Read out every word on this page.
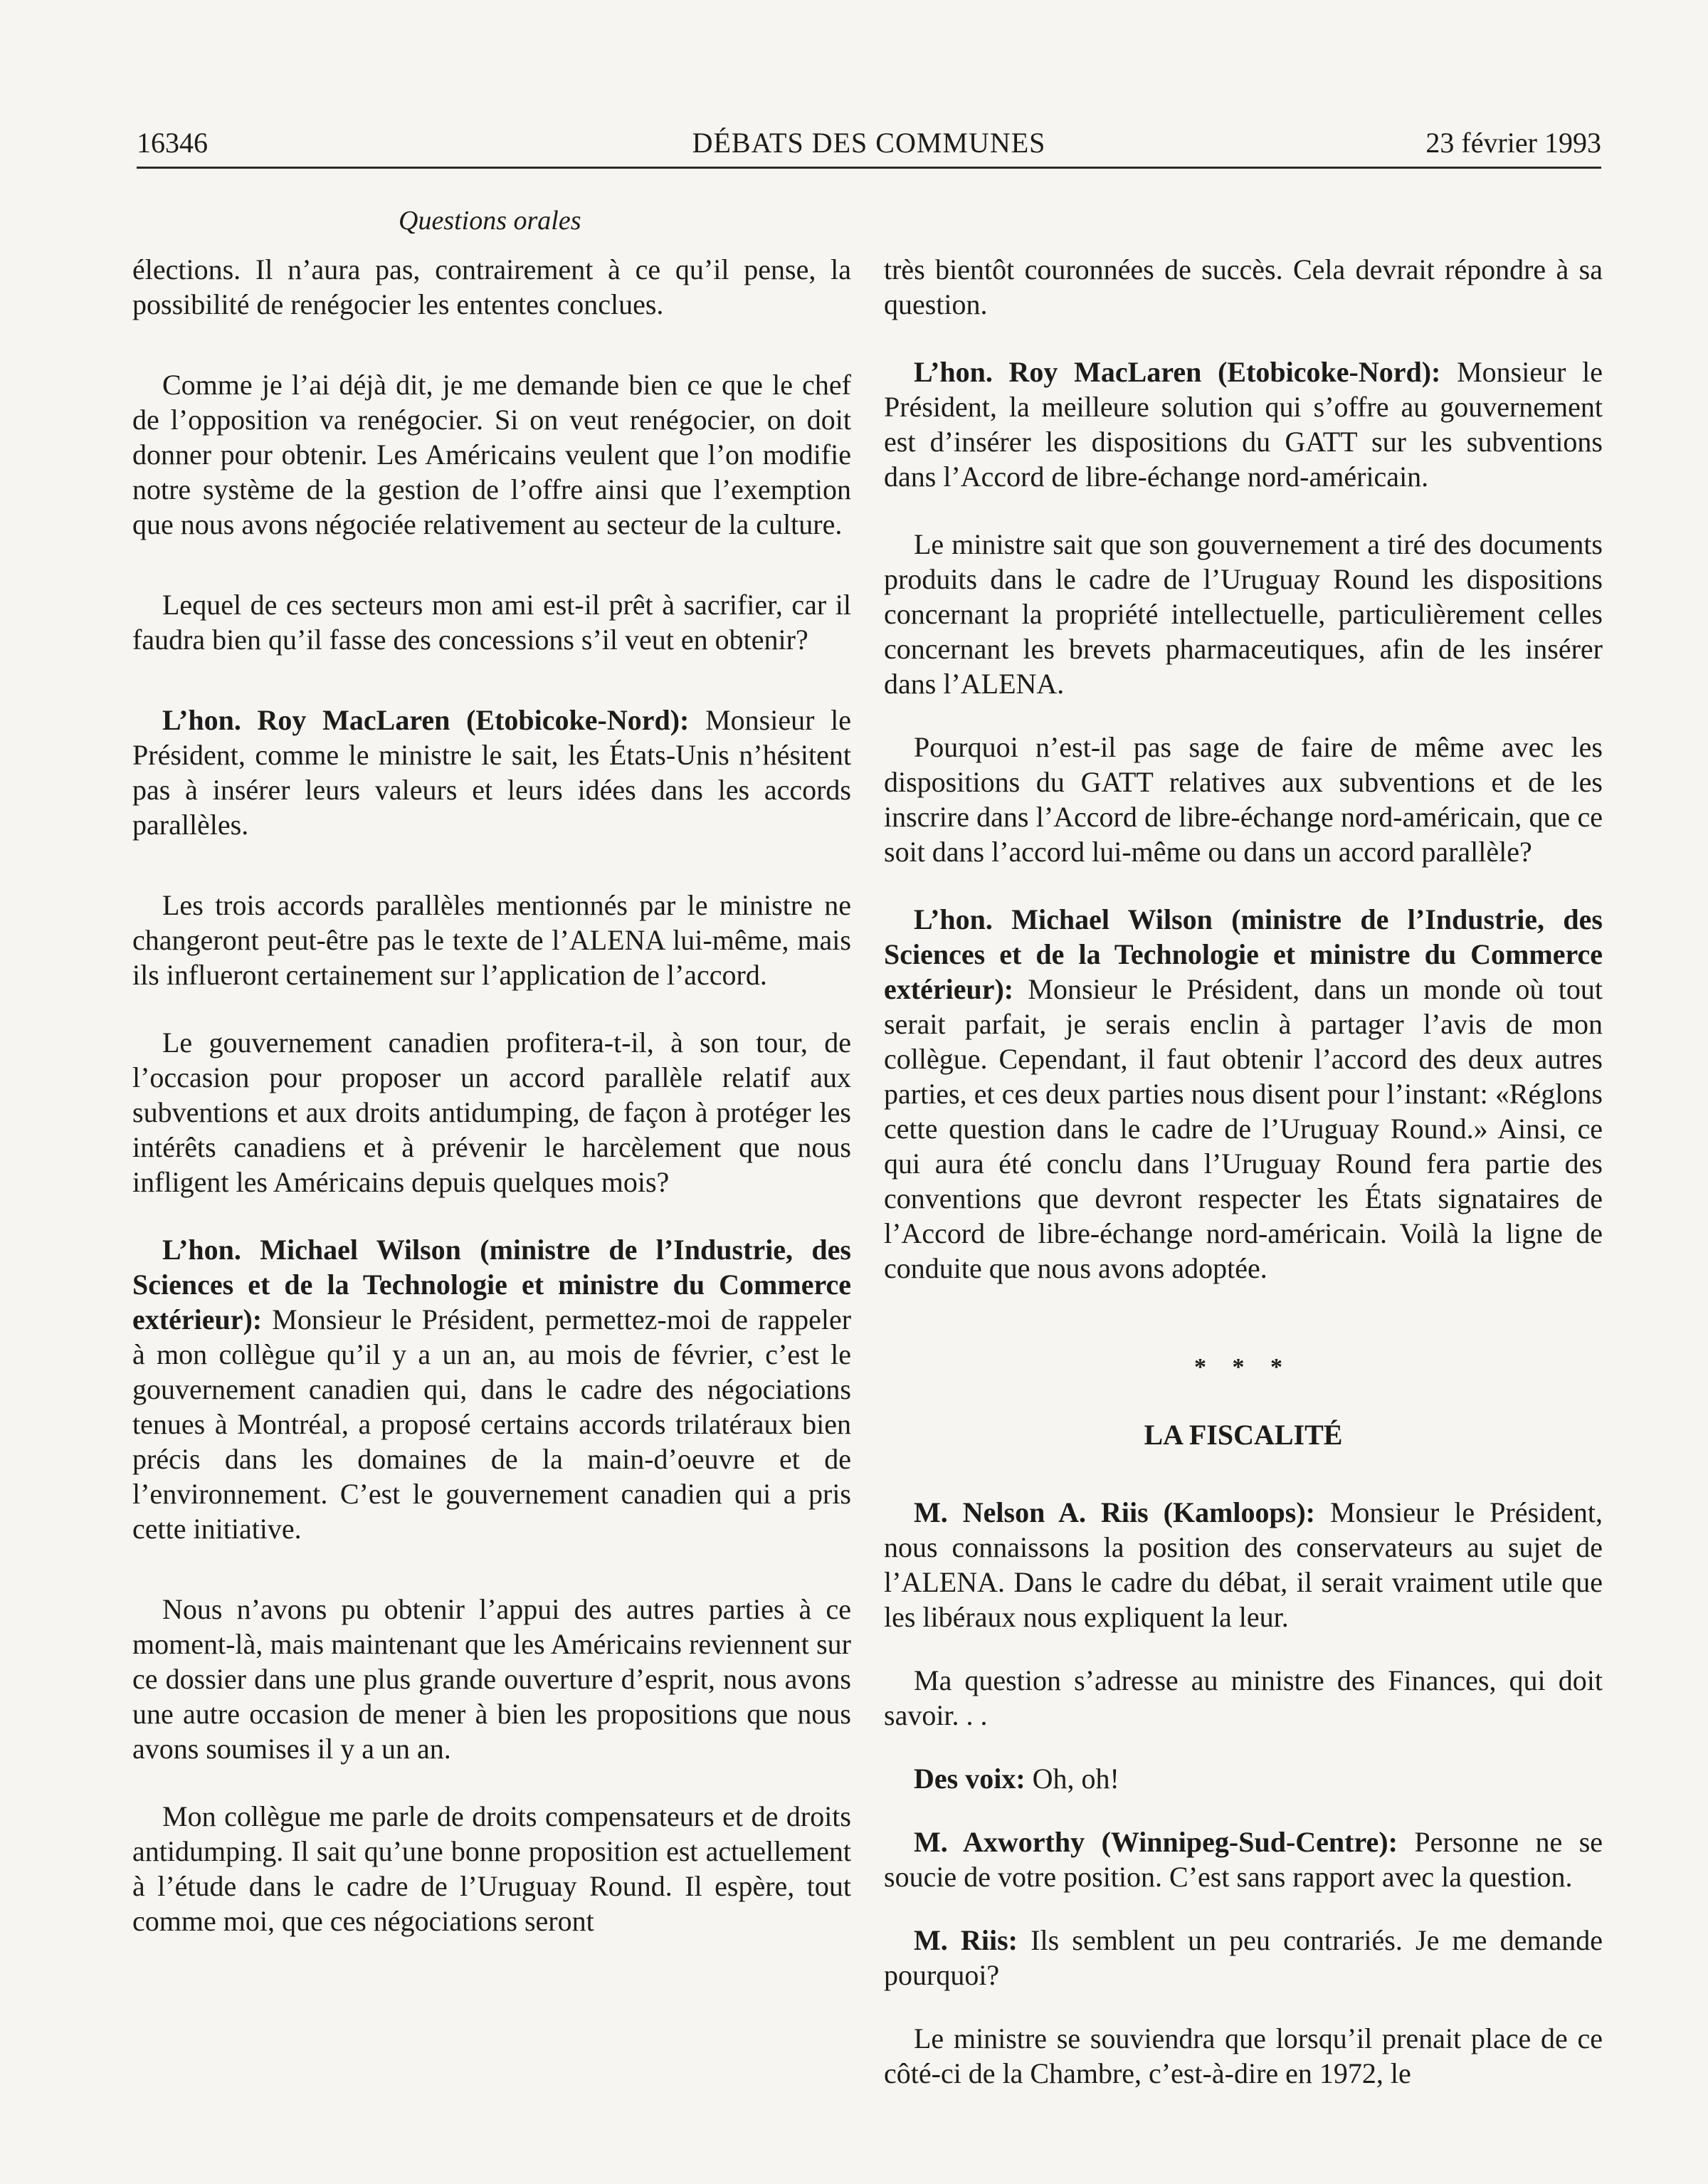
16346	DÉBATS DES COMMUNES	23 février 1993
Questions orales

élections. Il n’aura pas, contrairement à ce qu’il pense, la possibilité de renégocier les ententes conclues.

Comme je l’ai déjà dit, je me demande bien ce que le chef de l’opposition va renégocier. Si on veut renégocier, on doit donner pour obtenir. Les Américains veulent que l’on modifie notre système de la gestion de l’offre ainsi que l’exemption que nous avons négociée relativement au secteur de la culture.

Lequel de ces secteurs mon ami est-il prêt à sacrifier, car il faudra bien qu’il fasse des concessions s’il veut en obtenir?

L’hon. Roy MacLaren (Etobicoke-Nord): Monsieur le Président, comme le ministre le sait, les États-Unis n’hésitent pas à insérer leurs valeurs et leurs idées dans les accords parallèles.

Les trois accords parallèles mentionnés par le ministre ne changeront peut-être pas le texte de l’ALENA lui-même, mais ils influeront certainement sur l’application de l’accord.

Le gouvernement canadien profitera-t-il, à son tour, de l’occasion pour proposer un accord parallèle relatif aux subventions et aux droits antidumping, de façon à protéger les intérêts canadiens et à prévenir le harcèlement que nous infligent les Américains depuis quelques mois?

L’hon. Michael Wilson (ministre de l’Industrie, des Sciences et de la Technologie et ministre du Commerce extérieur): Monsieur le Président, permettez-moi de rappeler à mon collègue qu’il y a un an, au mois de février, c’est le gouvernement canadien qui, dans le cadre des négociations tenues à Montréal, a proposé certains accords trilatéraux bien précis dans les domaines de la main-d’oeuvre et de l’environnement. C’est le gouvernement canadien qui a pris cette initiative.

Nous n’avons pu obtenir l’appui des autres parties à ce moment-là, mais maintenant que les Américains reviennent sur ce dossier dans une plus grande ouverture d’esprit, nous avons une autre occasion de mener à bien les propositions que nous avons soumises il y a un an.

Mon collègue me parle de droits compensateurs et de droits antidumping. Il sait qu’une bonne proposition est actuellement à l’étude dans le cadre de l’Uruguay Round. Il espère, tout comme moi, que ces négociations seront

très bientôt couronnées de succès. Cela devrait répondre à sa question.

L’hon. Roy MacLaren (Etobicoke-Nord): Monsieur le Président, la meilleure solution qui s’offre au gouvernement est d’insérer les dispositions du GATT sur les subventions dans l’Accord de libre-échange nord-américain.

Le ministre sait que son gouvernement a tiré des documents produits dans le cadre de l’Uruguay Round les dispositions concernant la propriété intellectuelle, particulièrement celles concernant les brevets pharmaceutiques, afin de les insérer dans l’ALENA.

Pourquoi n’est-il pas sage de faire de même avec les dispositions du GATT relatives aux subventions et de les inscrire dans l’Accord de libre-échange nord-américain, que ce soit dans l’accord lui-même ou dans un accord parallèle?

L’hon. Michael Wilson (ministre de l’Industrie, des Sciences et de la Technologie et ministre du Commerce extérieur): Monsieur le Président, dans un monde où tout serait parfait, je serais enclin à partager l’avis de mon collègue. Cependant, il faut obtenir l’accord des deux autres parties, et ces deux parties nous disent pour l’instant: «Réglons cette question dans le cadre de l’Uruguay Round.» Ainsi, ce qui aura été conclu dans l’Uruguay Round fera partie des conventions que devront respecter les États signataires de l’Accord de libre-échange nord-américain. Voilà la ligne de conduite que nous avons adoptée.

* * *

LA FISCALITÉ

M. Nelson A. Riis (Kamloops): Monsieur le Président, nous connaissons la position des conservateurs au sujet de l’ALENA. Dans le cadre du débat, il serait vraiment utile que les libéraux nous expliquent la leur.

Ma question s’adresse au ministre des Finances, qui doit savoir. . .

Des voix: Oh, oh!

M. Axworthy (Winnipeg-Sud-Centre): Personne ne se soucie de votre position. C’est sans rapport avec la question.

M. Riis: Ils semblent un peu contrariés. Je me demande pourquoi?

Le ministre se souviendra que lorsqu’il prenait place de ce côté-ci de la Chambre, c’est-à-dire en 1972, le
